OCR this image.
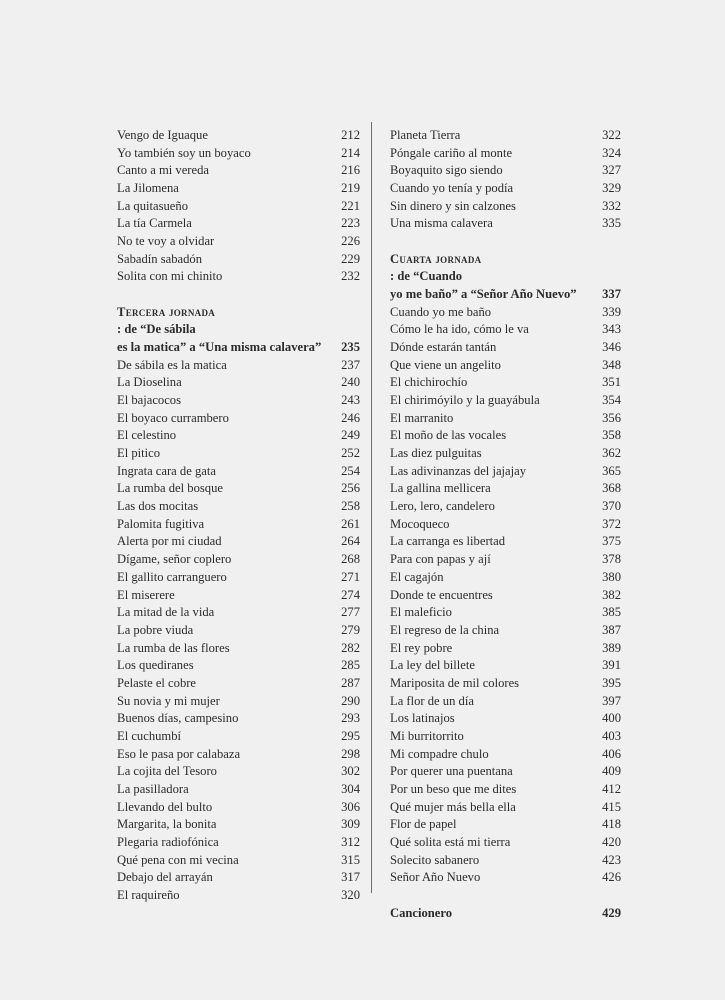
Vengo de Iguaque	212
Yo también soy un boyaco	214
Canto a mi vereda	216
La Jilomena	219
La quitasueño	221
La tía Carmela	223
No te voy a olvidar	226
Sabadín sabadón	229
Solita con mi chinito	232
Tercera jornada
: de “De sábila
es la matica” a “Una misma calavera” 235
De sábila es la matica	237
La Dioselina	240
El bajacocos	243
El boyaco currambero	246
El celestino	249
El pitico	252
Ingrata cara de gata	254
La rumba del bosque	256
Las dos mocitas	258
Palomita fugitiva	261
Alerta por mi ciudad	264
Dígame, señor coplero	268
El gallito carranguero	271
El miserere	274
La mitad de la vida	277
La pobre viuda	279
La rumba de las flores	282
Los quediranes	285
Pelaste el cobre	287
Su novia y mi mujer	290
Buenos días, campesino	293
El cuchumbí	295
Eso le pasa por calabaza	298
La cojita del Tesoro	302
La pasilladora	304
Llevando del bulto	306
Margarita, la bonita	309
Plegaria radiofónica	312
Qué pena con mi vecina	315
Debajo del arrayán	317
El raquireño	320
Planeta Tierra	322
Póngale cariño al monte	324
Boyaquito sigo siendo	327
Cuando yo tenía y podía	329
Sin dinero y sin calzones	332
Una misma calavera	335
Cuarta jornada
: de “Cuando
yo me baño” a “Señor Año Nuevo” 337
Cuando yo me baño	339
Cómo le ha ido, cómo le va	343
Dónde estarán tantán	346
Que viene un angelito	348
El chichirochío	351
El chirimóyilo y la guayábula	354
El marranito	356
El moño de las vocales	358
Las diez pulguitas	362
Las adivinanzas del jajajay	365
La gallina mellicera	368
Lero, lero, candelero	370
Mocoqueco	372
La carranga es libertad	375
Para con papas y ají	378
El cagajón	380
Donde te encuentres	382
El maleficio	385
El regreso de la china	387
El rey pobre	389
La ley del billete	391
Mariposita de mil colores	395
La flor de un día	397
Los latinajos	400
Mi burritorrito	403
Mi compadre chulo	406
Por querer una puentana	409
Por un beso que me dites	412
Qué mujer más bella ella	415
Flor de papel	418
Qué solita está mi tierra	420
Solecito sabanero	423
Señor Año Nuevo	426
Cancionero	429
